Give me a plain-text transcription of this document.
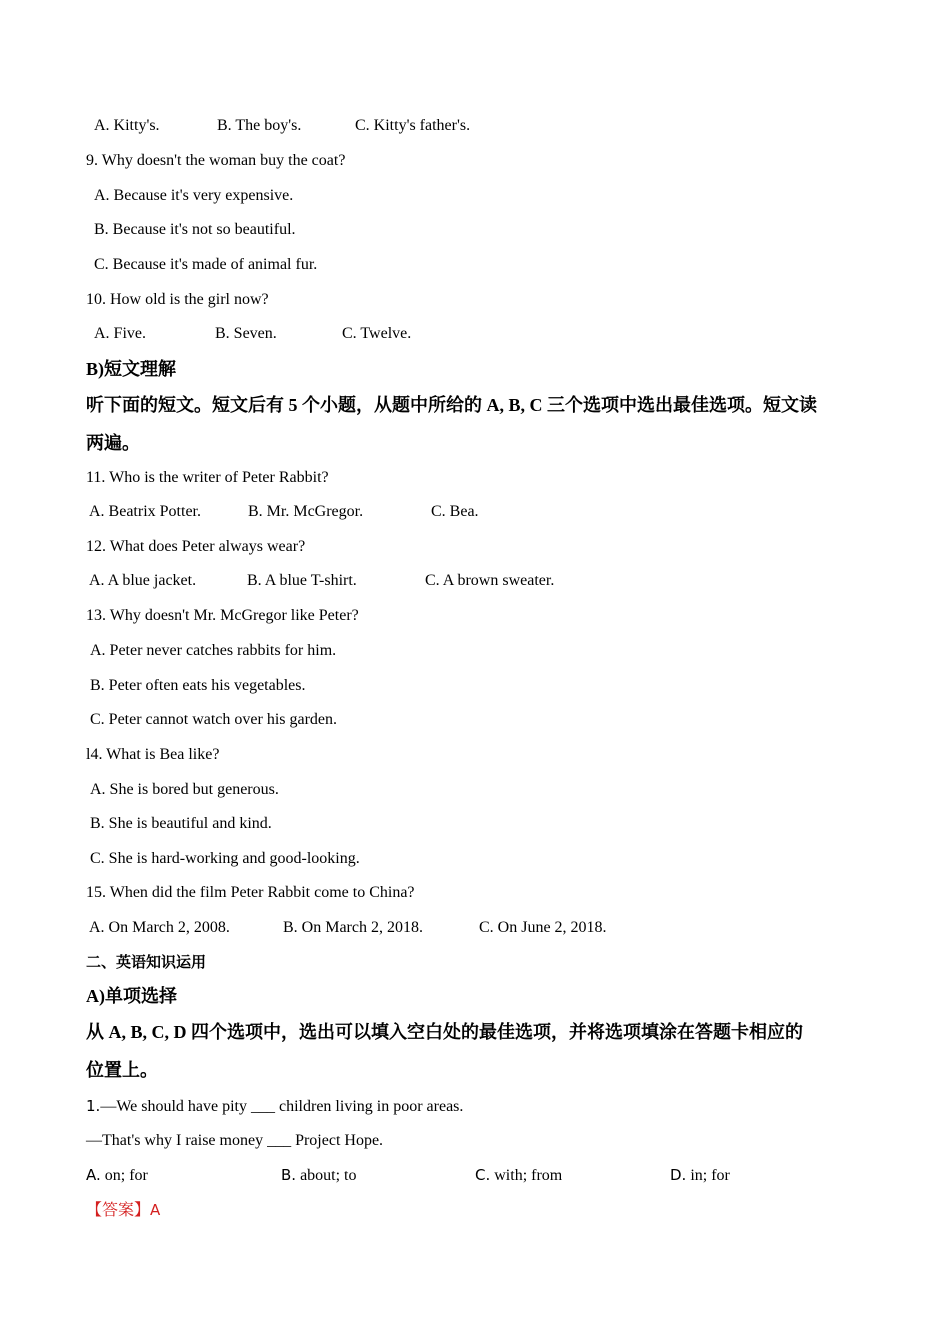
A. Kitty's.	B. The boy's.	C. Kitty's father's.
9. Why doesn't the woman buy the coat?
A. Because it's very expensive.
B. Because it's not so beautiful.
C. Because it's made of animal fur.
10. How old is the girl now?
A. Five.	B. Seven.	C. Twelve.
B)短文理解
听下面的短文。短文后有 5 个小题，从题中所给的 A, B, C 三个选项中选出最佳选项。短文读
两遍。
11. Who is the writer of Peter Rabbit?
A. Beatrix Potter.	B. Mr. McGregor.	C. Bea.
12. What does Peter always wear?
A. A blue jacket.	B. A blue T-shirt.	C. A brown sweater.
13. Why doesn't Mr. McGregor like Peter?
A. Peter never catches rabbits for him.
B. Peter often eats his vegetables.
C. Peter cannot watch over his garden.
l4. What is Bea like?
A. She is bored but generous.
B. She is beautiful and kind.
C. She is hard-working and good-looking.
15. When did the film Peter Rabbit come to China?
A. On March 2, 2008.	B. On March 2, 2018.	C. On June 2, 2018.
二、英语知识运用
A)单项选择
从 A, B, C, D 四个选项中，选出可以填入空白处的最佳选项，并将选项填涂在答题卡相应的
位置上。
1.—We should have pity ___ children living in poor areas.
—That's why I raise money ___ Project Hope.
A. on; for	B. about; to	C. with; from	D. in; for
【答案】A
